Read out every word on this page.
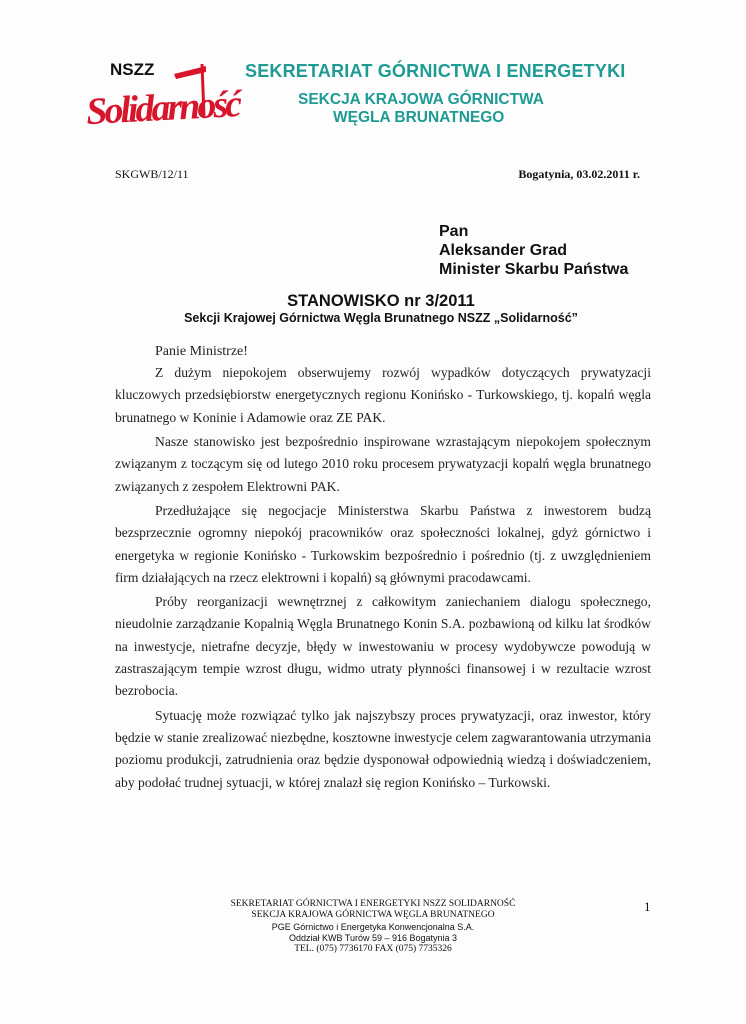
NSZZ
Solidarność
SEKRETARIAT GÓRNICTWA I ENERGETYKI
SEKCJA KRAJOWA GÓRNICTWA
WĘGLA BRUNATNEGO
SKGWB/12/11	Bogatynia, 03.02.2011 r.
Pan
Aleksander Grad
Minister Skarbu Państwa
STANOWISKO nr 3/2011
Sekcji Krajowej Górnictwa Węgla Brunatnego NSZZ „Solidarność”
Panie Ministrze!

Z dużym niepokojem obserwujemy rozwój wypadków dotyczących prywatyzacji kluczowych przedsiębiorstw energetycznych regionu Konińsko - Turkowskiego, tj. kopalń węgla brunatnego w Koninie i Adamowie oraz ZE PAK.

Nasze stanowisko jest bezpośrednio inspirowane wzrastającym niepokojem społecznym związanym z toczącym się od lutego 2010 roku procesem prywatyzacji kopalń węgla brunatnego związanych z zespołem Elektrowni PAK.

Przedłużające się negocjacje Ministerstwa Skarbu Państwa z inwestorem budzą bezsprzecznie ogromny niepokój pracowników oraz społeczności lokalnej, gdyż górnictwo i energetyka w regionie Konińsko - Turkowskim bezpośrednio i pośrednio (tj. z uwzględnieniem firm działających na rzecz elektrowni i kopalń) są głównymi pracodawcami.

Próby reorganizacji wewnętrznej z całkowitym zaniechaniem dialogu społecznego, nieudolnie zarządzanie Kopalnią Węgla Brunatnego Konin S.A. pozbawioną od kilku lat środków na inwestycje, nietrafne decyzje, błędy w inwestowaniu w procesy wydobywcze powodują w zastraszającym tempie wzrost długu, widmo utraty płynności finansowej i w rezultacie wzrost bezrobocia.

Sytuację może rozwiązać tylko jak najszybszy proces prywatyzacji, oraz inwestor, który będzie w stanie zrealizować niezbędne, kosztowne inwestycje celem zagwarantowania utrzymania poziomu produkcji, zatrudnienia oraz będzie dysponował odpowiednią wiedzą i doświadczeniem, aby podołać trudnej sytuacji, w której znalazł się region Konińsko – Turkowski.

SEKRETARIAT GÓRNICTWA I ENERGETYKI NSZZ SOLIDARNOŚĆ
SEKCJA KRAJOWA GÓRNICTWA WĘGLA BRUNATNEGO
PGE Górnictwo i Energetyka Konwencjonalna S.A.
Oddział KWB Turów 59 – 916 Bogatynia 3
TEL. (075) 7736170 FAX (075) 7735326
1
